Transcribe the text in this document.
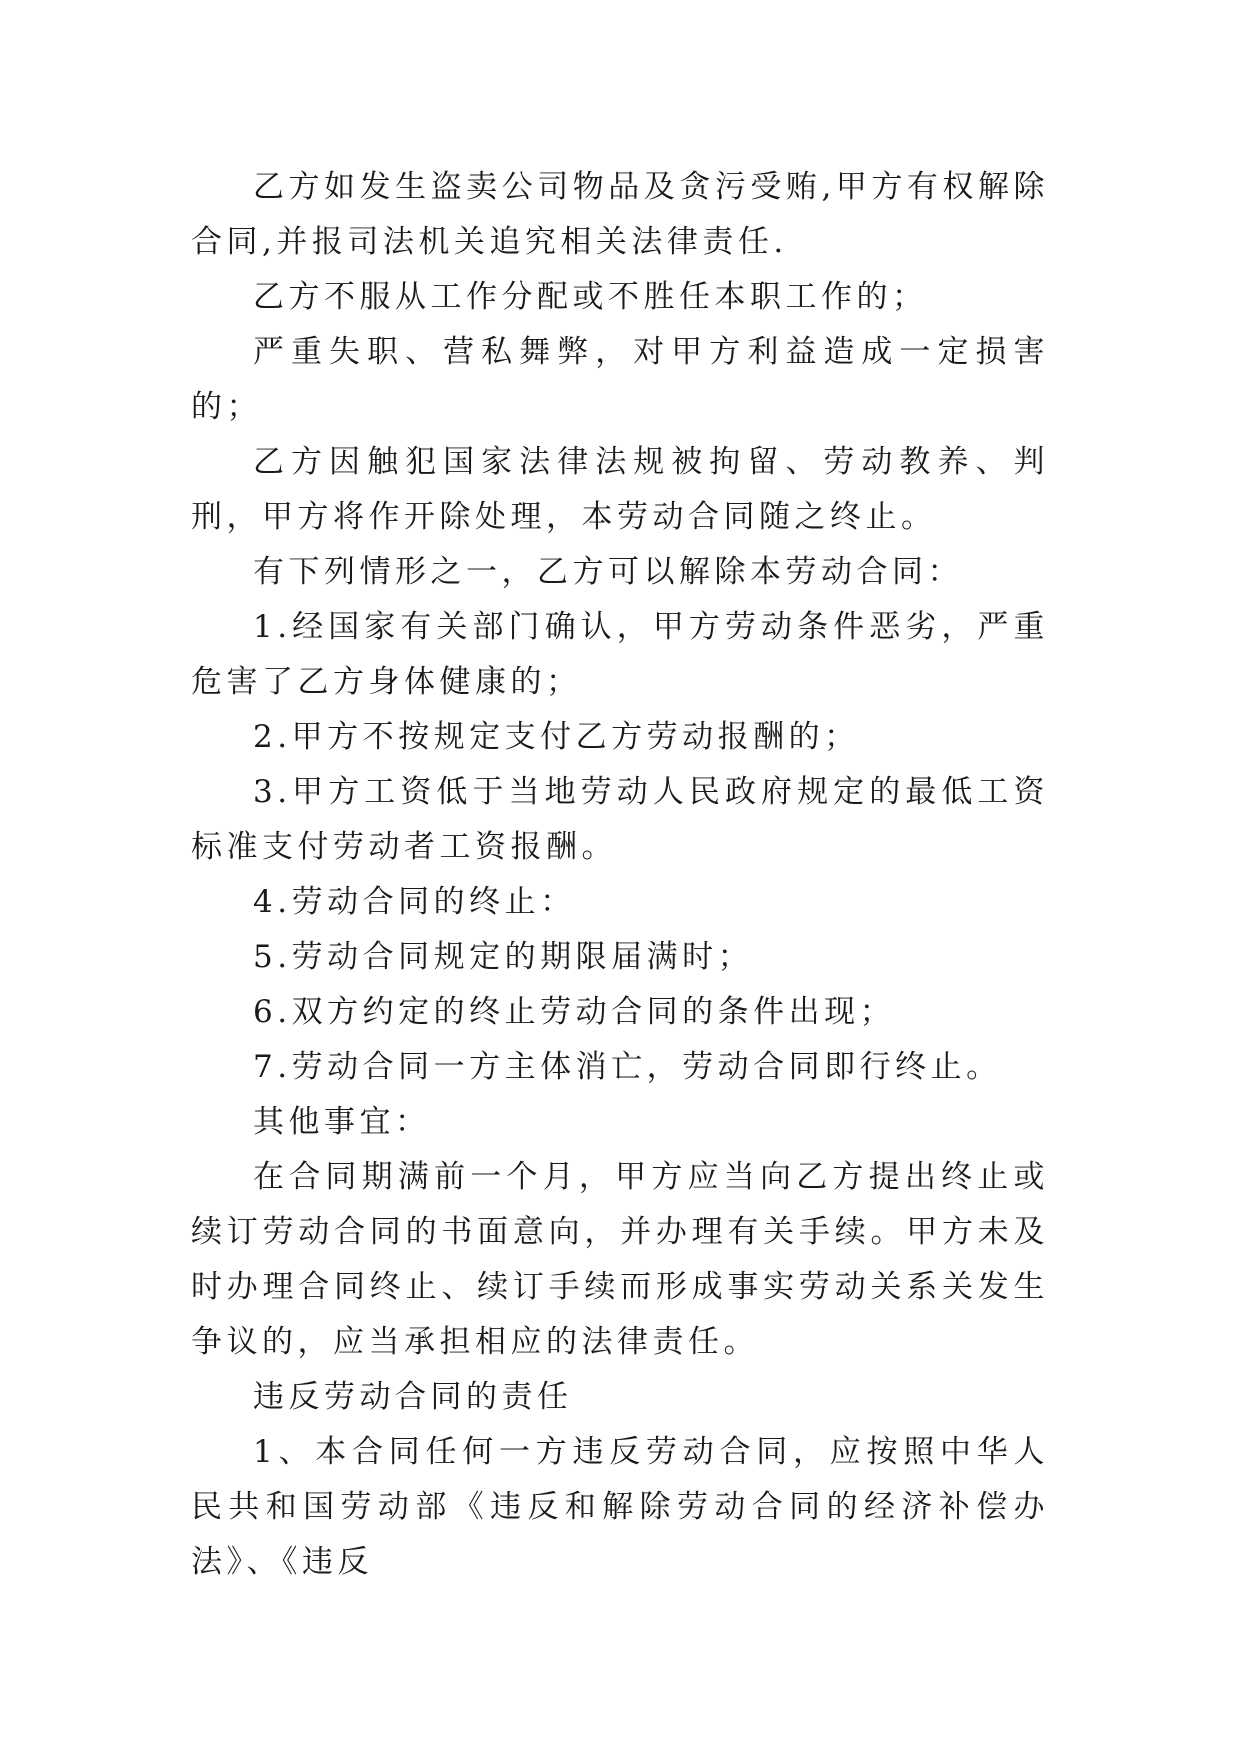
乙方如发生盗卖公司物品及贪污受贿,甲方有权解除合同,并报司法机关追究相关法律责任.

乙方不服从工作分配或不胜任本职工作的；

严重失职、营私舞弊，对甲方利益造成一定损害的；

乙方因触犯国家法律法规被拘留、劳动教养、判刑，甲方将作开除处理，本劳动合同随之终止。

有下列情形之一，乙方可以解除本劳动合同：

1.经国家有关部门确认，甲方劳动条件恶劣，严重危害了乙方身体健康的；

2.甲方不按规定支付乙方劳动报酬的；

3.甲方工资低于当地劳动人民政府规定的最低工资标准支付劳动者工资报酬。

4.劳动合同的终止：

5.劳动合同规定的期限届满时；

6.双方约定的终止劳动合同的条件出现；

7.劳动合同一方主体消亡，劳动合同即行终止。

其他事宜：

在合同期满前一个月，甲方应当向乙方提出终止或续订劳动合同的书面意向，并办理有关手续。甲方未及时办理合同终止、续订手续而形成事实劳动关系关发生争议的，应当承担相应的法律责任。

违反劳动合同的责任

1、本合同任何一方违反劳动合同，应按照中华人民共和国劳动部《违反和解除劳动合同的经济补偿办法》、《违反
